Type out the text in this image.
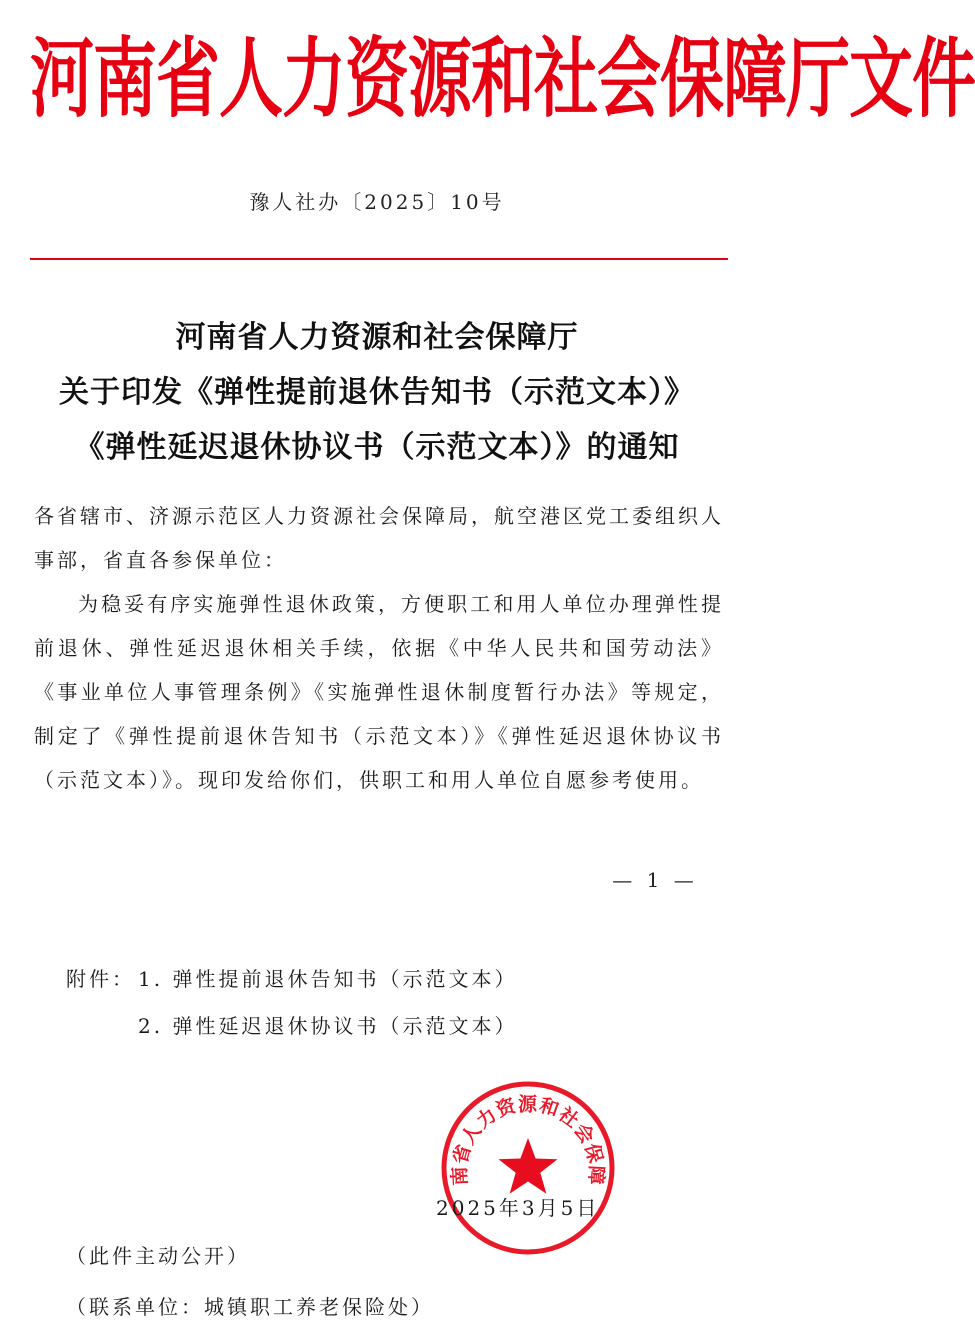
河南省人力资源和社会保障厅文件
豫人社办〔2025〕10号
河南省人力资源和社会保障厅
关于印发《弹性提前退休告知书（示范文本）》
《弹性延迟退休协议书（示范文本）》的通知
各省辖市、济源示范区人力资源社会保障局，航空港区党工委组织人事部，省直各参保单位：
为稳妥有序实施弹性退休政策，方便职工和用人单位办理弹性提前退休、弹性延迟退休相关手续，依据《中华人民共和国劳动法》《事业单位人事管理条例》《实施弹性退休制度暂行办法》等规定，制定了《弹性提前退休告知书（示范文本）》《弹性延迟退休协议书（示范文本）》。现印发给你们，供职工和用人单位自愿参考使用。
— 1 —
附件： 1. 弹性提前退休告知书（示范文本）
2. 弹性延迟退休协议书（示范文本）
南省人力资源和社会保障
2025年3月5日
（此件主动公开）
（联系单位：城镇职工养老保险处）
